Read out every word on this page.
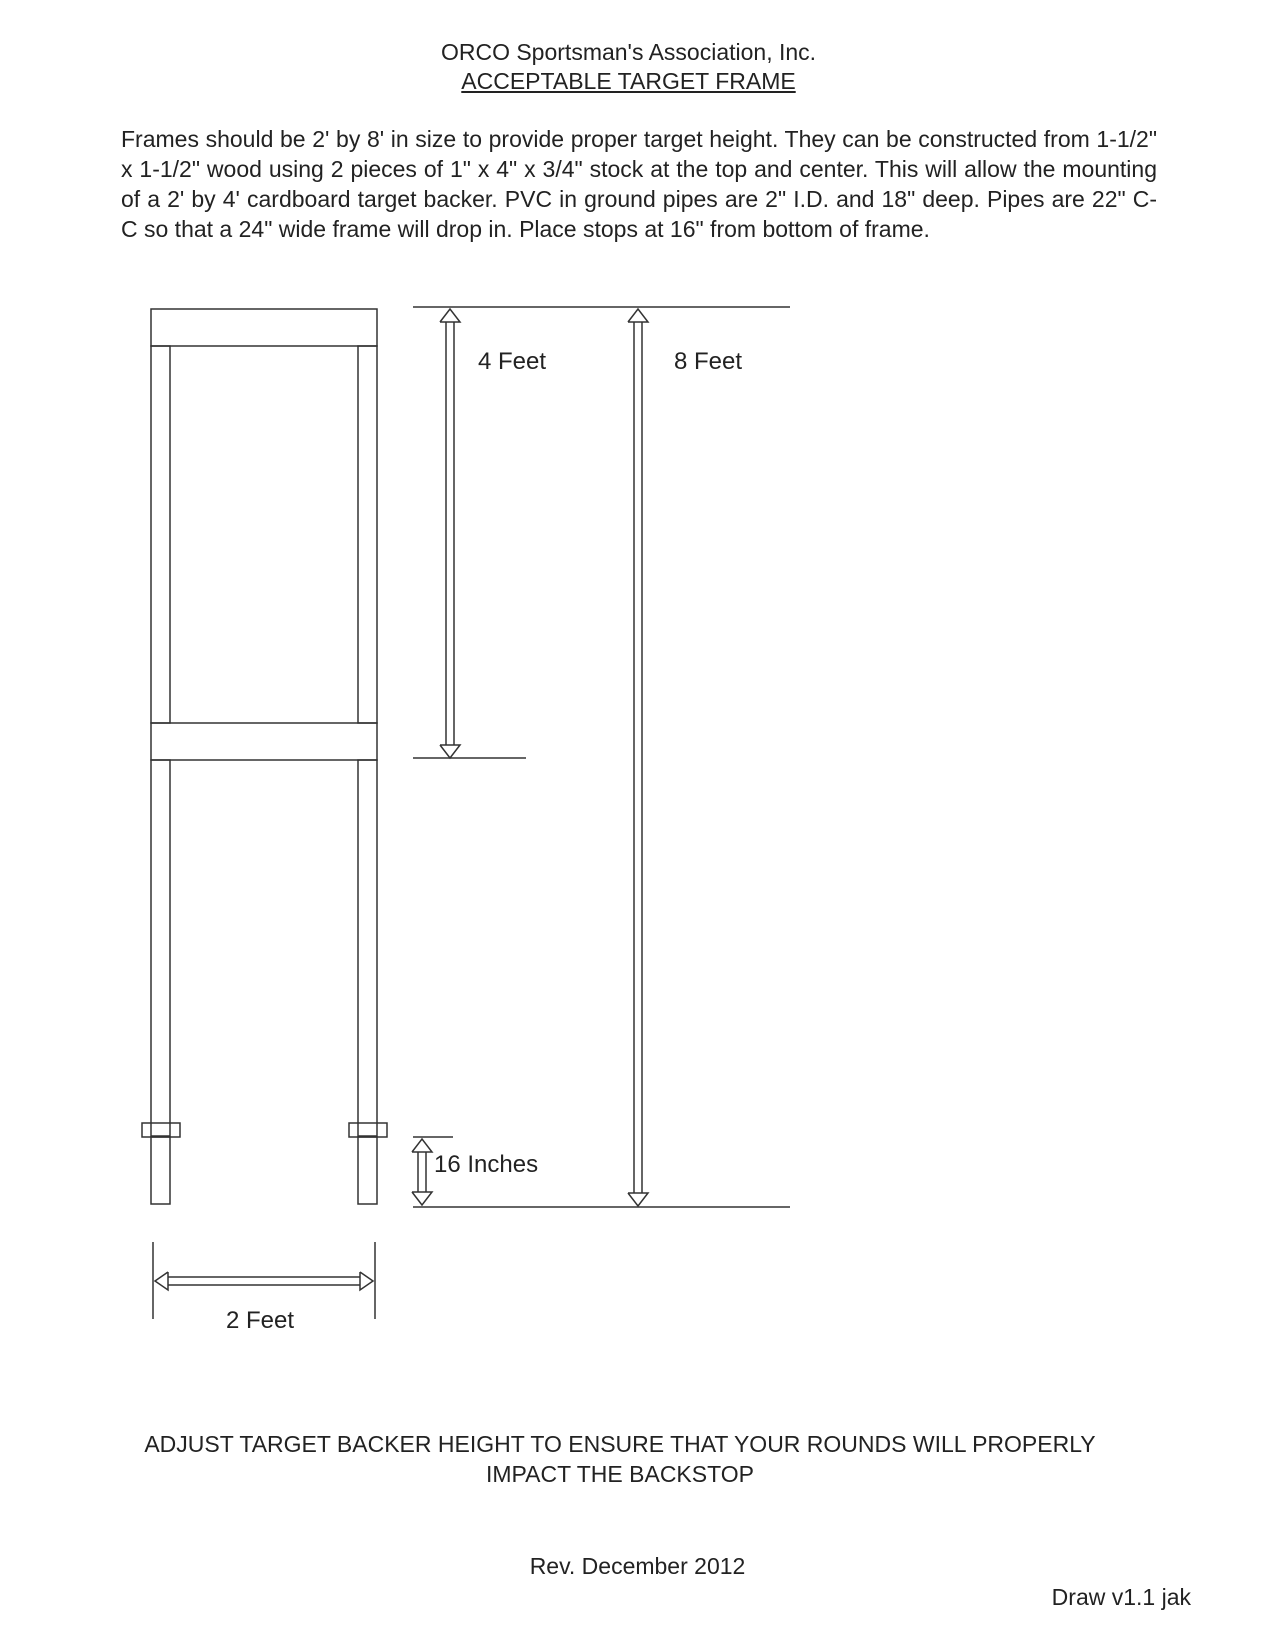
ORCO Sportsman's Association, Inc.
ACCEPTABLE TARGET FRAME
Frames should be 2' by 8' in size to provide proper target height. They can be constructed from 1-1/2" x 1-1/2" wood using 2 pieces of 1" x 4" x 3/4" stock at the top and center. This will allow the mounting of a 2' by 4' cardboard target backer. PVC in ground pipes are 2" I.D. and 18" deep. Pipes are 22" C-C so that a 24" wide frame will drop in. Place stops at 16" from bottom of frame.
4 Feet	8 Feet
16 Inches
2 Feet
ADJUST TARGET BACKER HEIGHT TO ENSURE THAT YOUR ROUNDS WILL PROPERLY
IMPACT THE BACKSTOP
Rev. December 2012
Draw v1.1 jak
